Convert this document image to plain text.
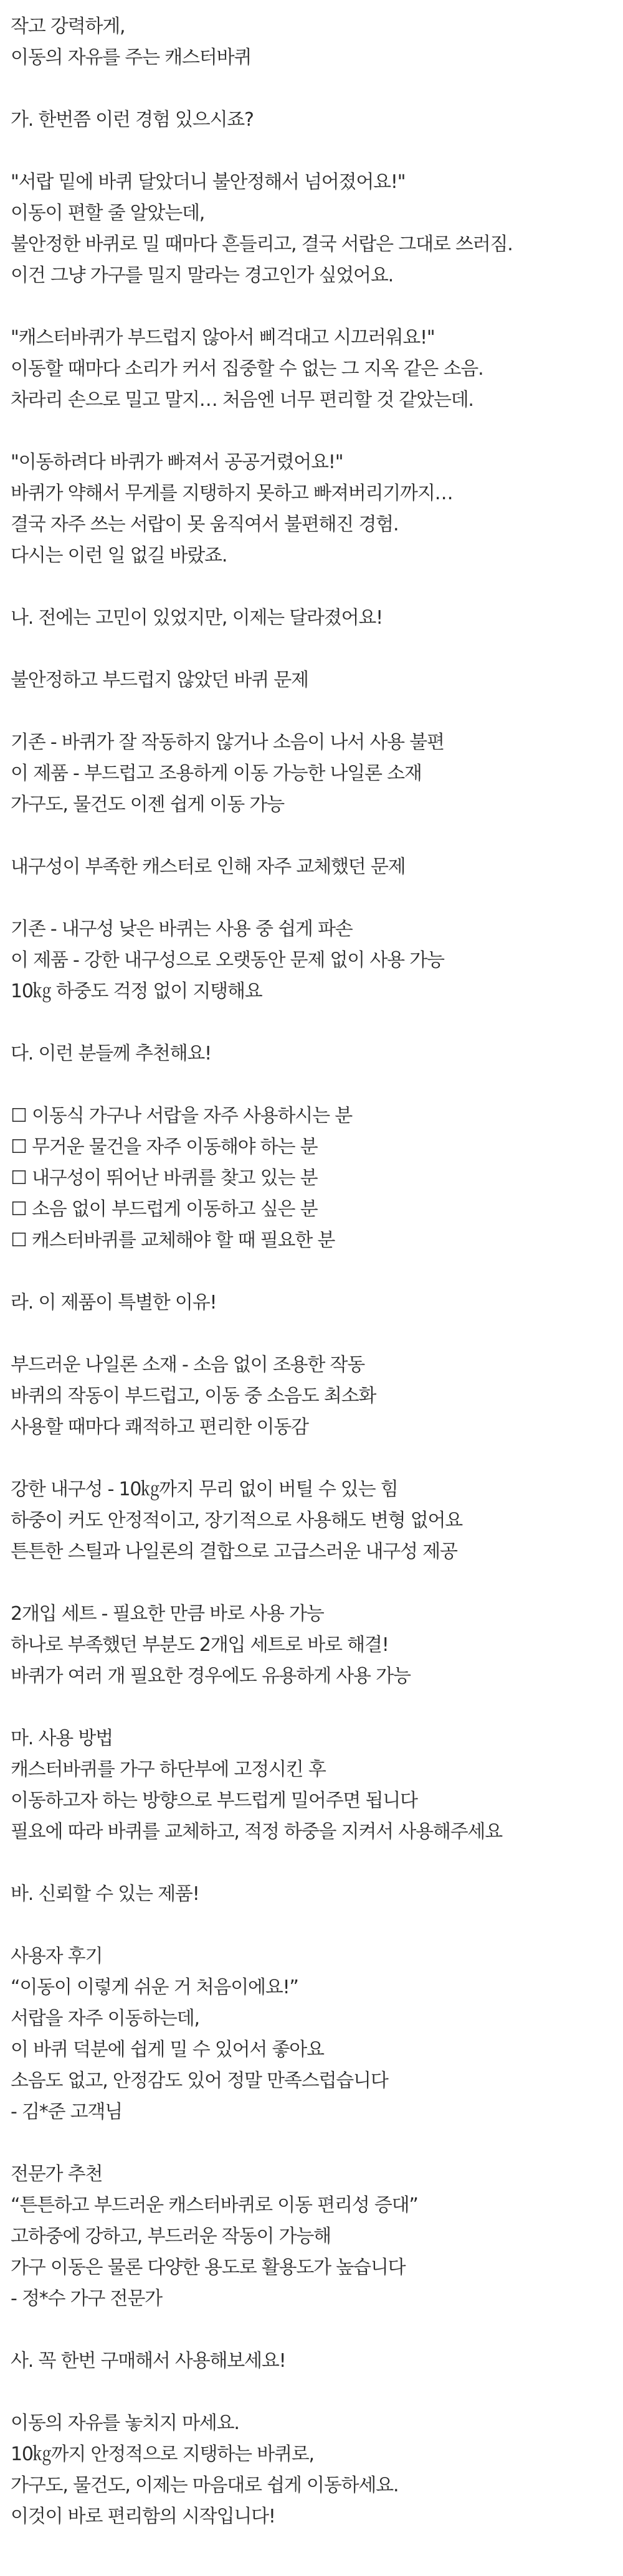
작고 강력하게,
이동의 자유를 주는 캐스터바퀴
가. 한번쯤 이런 경험 있으시죠?
"서랍 밑에 바퀴 달았더니 불안정해서 넘어졌어요!"
이동이 편할 줄 알았는데,
불안정한 바퀴로 밀 때마다 흔들리고, 결국 서랍은 그대로 쓰러짐.
이건 그냥 가구를 밀지 말라는 경고인가 싶었어요.
"캐스터바퀴가 부드럽지 않아서 삐걱대고 시끄러워요!"
이동할 때마다 소리가 커서 집중할 수 없는 그 지옥 같은 소음.
차라리 손으로 밀고 말지… 처음엔 너무 편리할 것 같았는데.
"이동하려다 바퀴가 빠져서 공공거렸어요!"
바퀴가 약해서 무게를 지탱하지 못하고 빠져버리기까지…
결국 자주 쓰는 서랍이 못 움직여서 불편해진 경험.
다시는 이런 일 없길 바랐죠.
나. 전에는 고민이 있었지만, 이제는 달라졌어요!
불안정하고 부드럽지 않았던 바퀴 문제
기존 - 바퀴가 잘 작동하지 않거나 소음이 나서 사용 불편
이 제품 - 부드럽고 조용하게 이동 가능한 나일론 소재
가구도, 물건도 이젠 쉽게 이동 가능
내구성이 부족한 캐스터로 인해 자주 교체했던 문제
기존 - 내구성 낮은 바퀴는 사용 중 쉽게 파손
이 제품 - 강한 내구성으로 오랫동안 문제 없이 사용 가능
10㎏ 하중도 걱정 없이 지탱해요
다. 이런 분들께 추천해요!
☐ 이동식 가구나 서랍을 자주 사용하시는 분
☐ 무거운 물건을 자주 이동해야 하는 분
☐ 내구성이 뛰어난 바퀴를 찾고 있는 분
☐ 소음 없이 부드럽게 이동하고 싶은 분
☐ 캐스터바퀴를 교체해야 할 때 필요한 분
라. 이 제품이 특별한 이유!
부드러운 나일론 소재 - 소음 없이 조용한 작동
바퀴의 작동이 부드럽고, 이동 중 소음도 최소화
사용할 때마다 쾌적하고 편리한 이동감
강한 내구성 - 10㎏까지 무리 없이 버틸 수 있는 힘
하중이 커도 안정적이고, 장기적으로 사용해도 변형 없어요
튼튼한 스틸과 나일론의 결합으로 고급스러운 내구성 제공
2개입 세트 - 필요한 만큼 바로 사용 가능
하나로 부족했던 부분도 2개입 세트로 바로 해결!
바퀴가 여러 개 필요한 경우에도 유용하게 사용 가능
마. 사용 방법
캐스터바퀴를 가구 하단부에 고정시킨 후
이동하고자 하는 방향으로 부드럽게 밀어주면 됩니다
필요에 따라 바퀴를 교체하고, 적정 하중을 지켜서 사용해주세요
바. 신뢰할 수 있는 제품!
사용자 후기
“이동이 이렇게 쉬운 거 처음이에요!”
서랍을 자주 이동하는데,
이 바퀴 덕분에 쉽게 밀 수 있어서 좋아요
소음도 없고, 안정감도 있어 정말 만족스럽습니다
- 김*준 고객님
전문가 추천
“튼튼하고 부드러운 캐스터바퀴로 이동 편리성 증대”
고하중에 강하고, 부드러운 작동이 가능해
가구 이동은 물론 다양한 용도로 활용도가 높습니다
- 정*수 가구 전문가
사. 꼭 한번 구매해서 사용해보세요!
이동의 자유를 놓치지 마세요.
10㎏까지 안정적으로 지탱하는 바퀴로,
가구도, 물건도, 이제는 마음대로 쉽게 이동하세요.
이것이 바로 편리함의 시작입니다!
